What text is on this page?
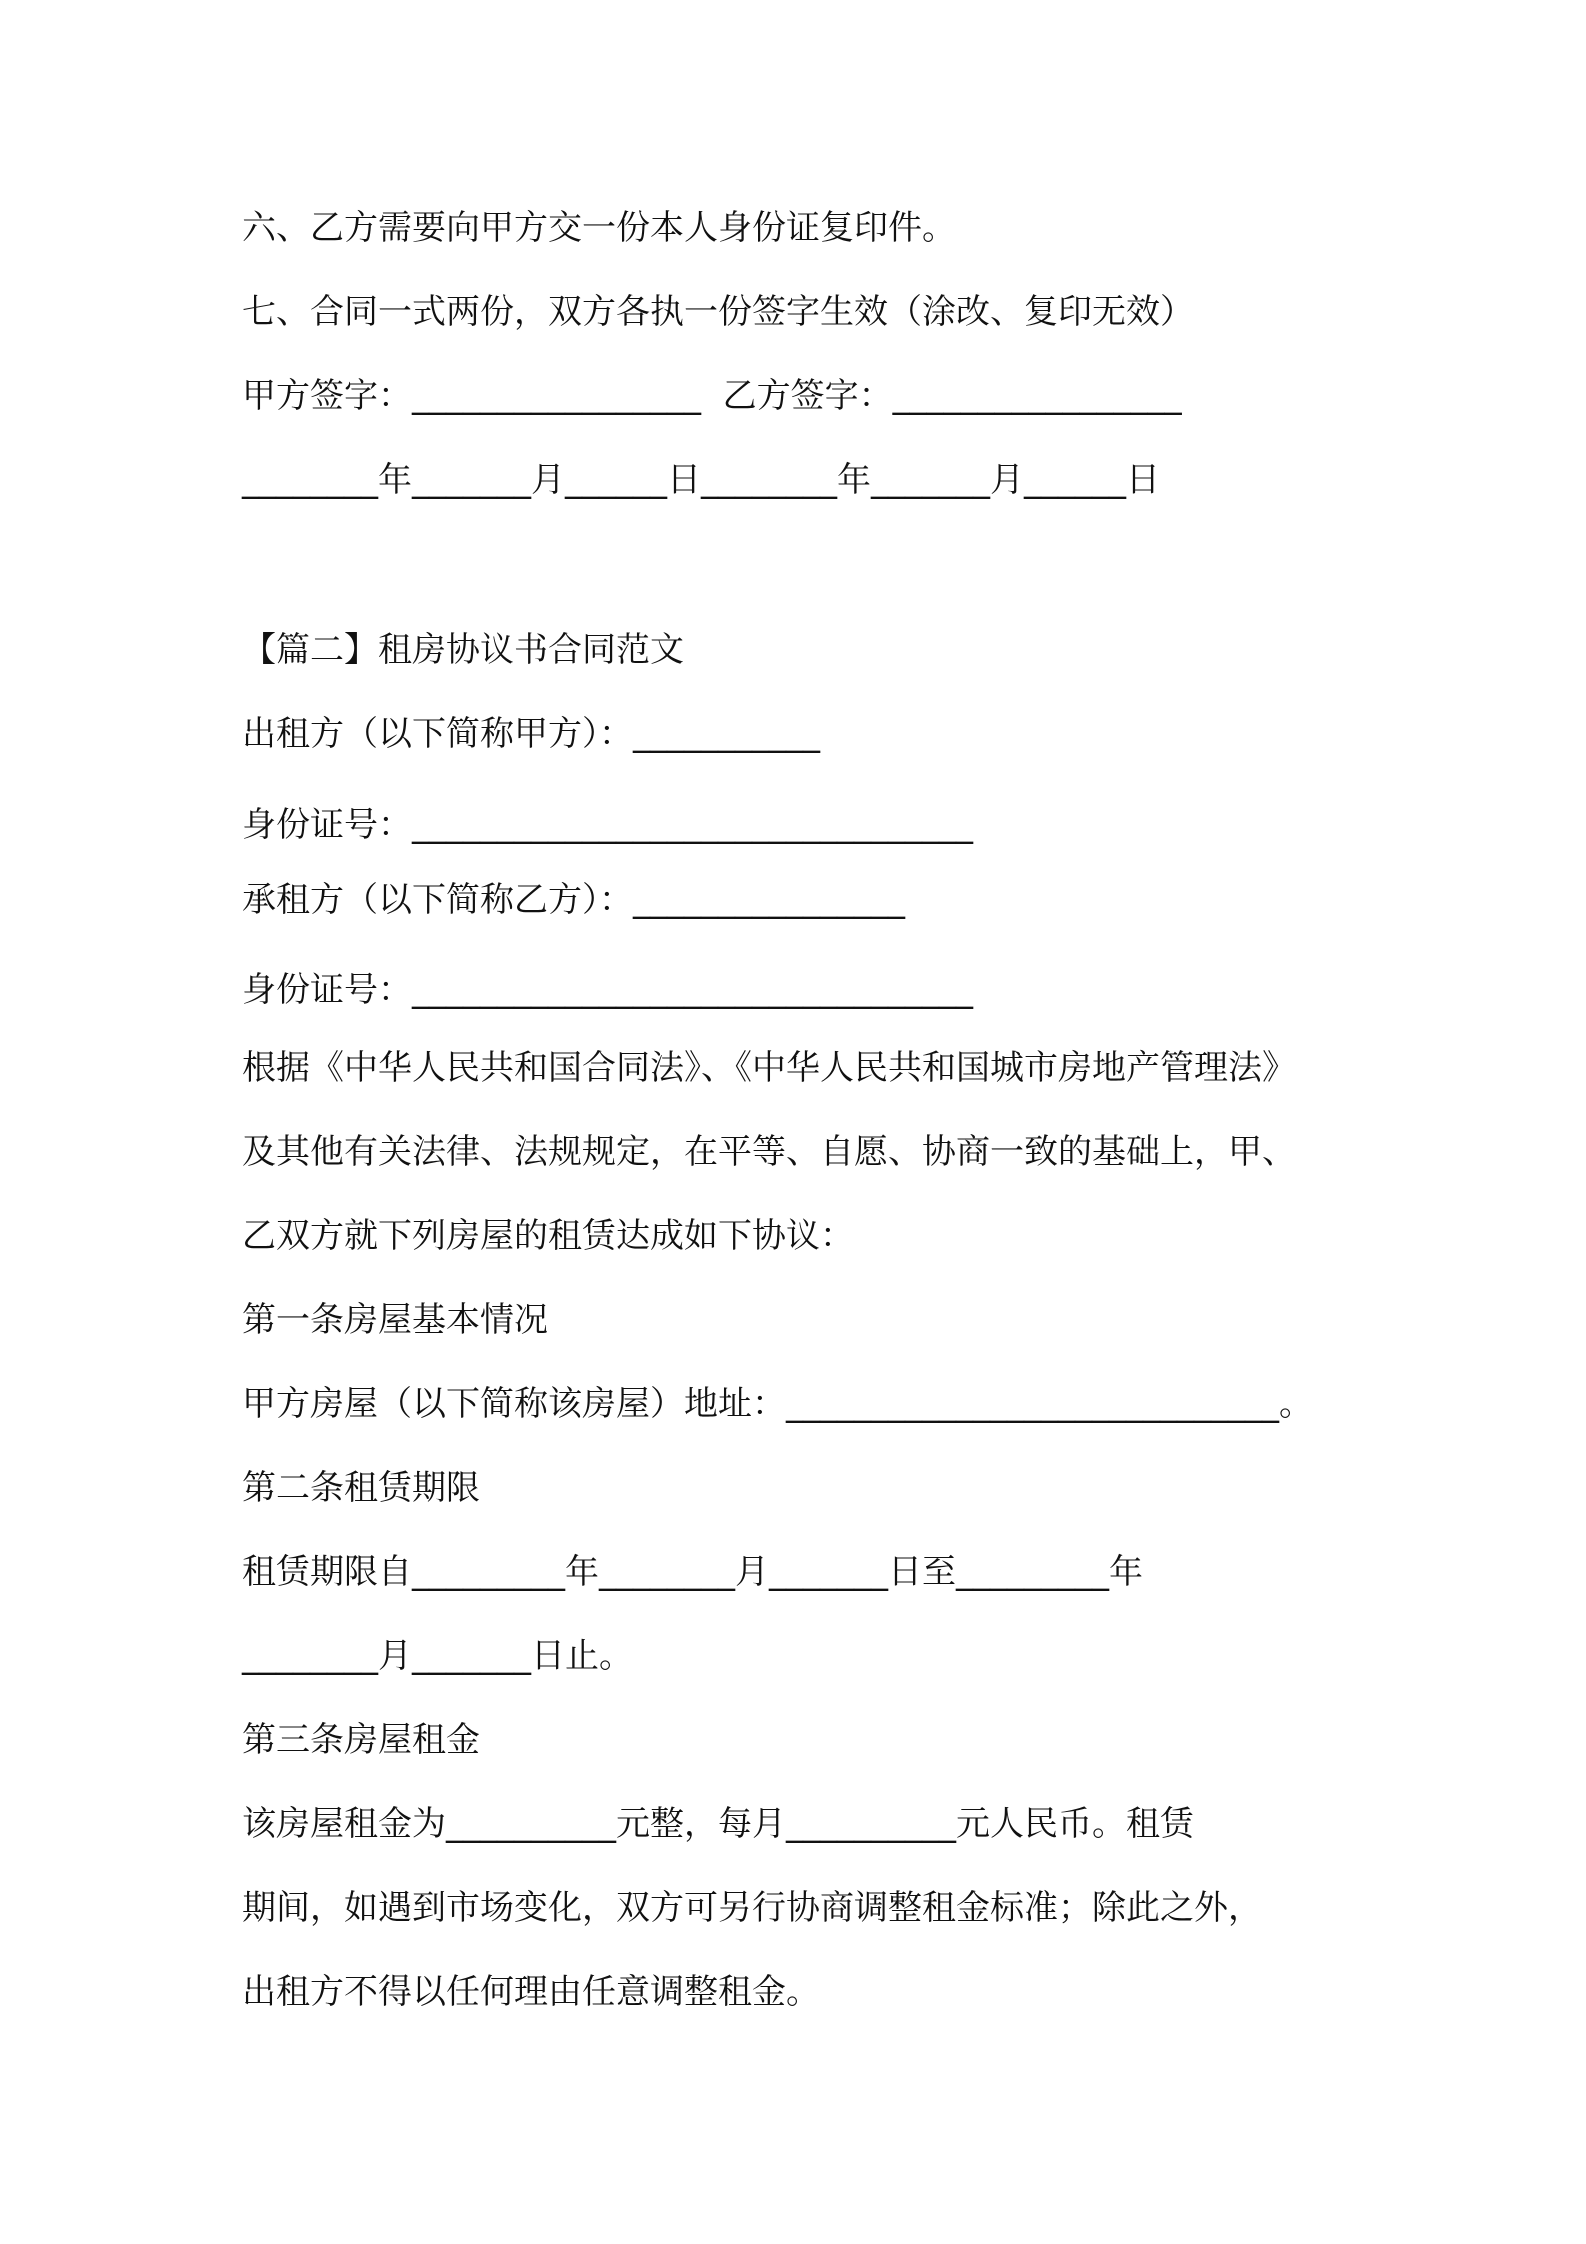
六、乙方需要向甲方交一份本人身份证复印件。
七、合同一式两份，双方各执一份签字生效（涂改、复印无效）
甲方签字：_________________  乙方签字：_________________
________年_______月______日________年_______月______日
【篇二】租房协议书合同范文
出租方（以下简称甲方）：___________
身份证号：_________________________________
承租方（以下简称乙方）：________________
身份证号：_________________________________
根据《中华人民共和国合同法》、《中华人民共和国城市房地产管理法》
及其他有关法律、法规规定，在平等、自愿、协商一致的基础上，甲、
乙双方就下列房屋的租赁达成如下协议：
第一条房屋基本情况
甲方房屋（以下简称该房屋）地址：_____________________________。
第二条租赁期限
租赁期限自_________年________月_______日至_________年
________月_______日止。
第三条房屋租金
该房屋租金为__________元整，每月__________元人民币。租赁
期间，如遇到市场变化，双方可另行协商调整租金标准；除此之外，
出租方不得以任何理由任意调整租金。
